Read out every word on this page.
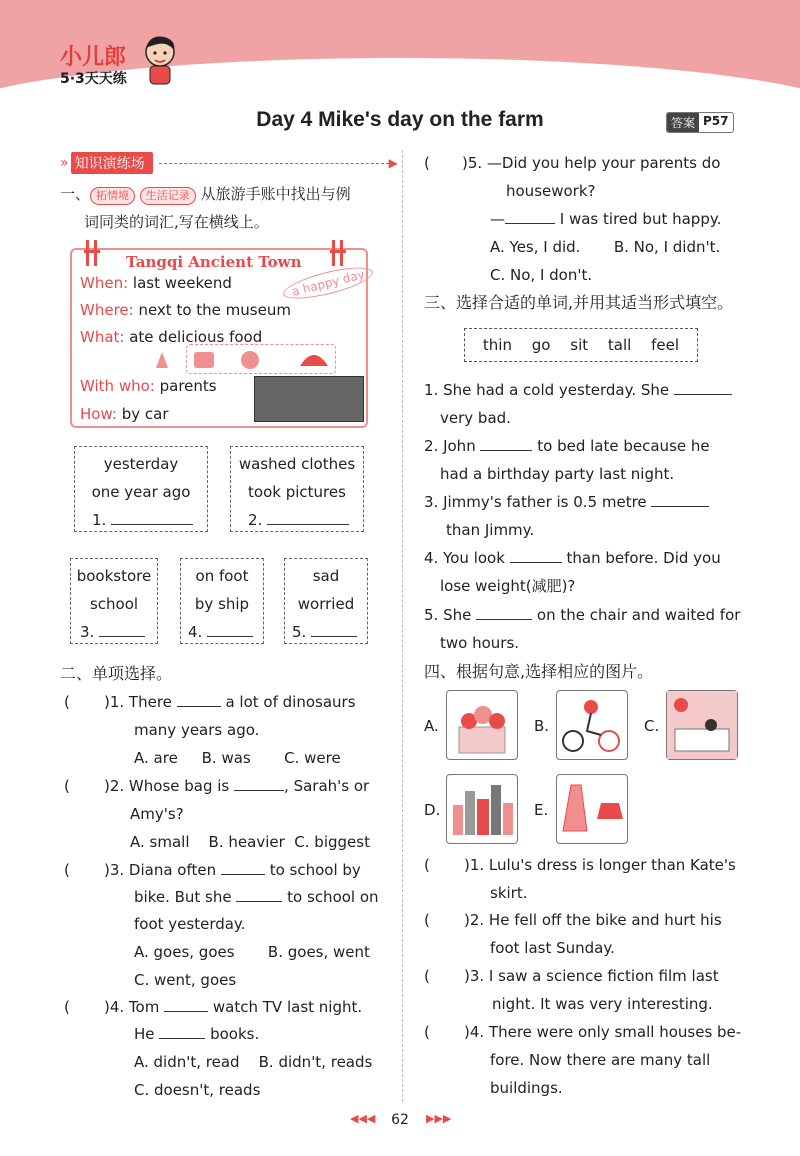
小儿郎
5·3天天练
Day 4 Mike's day on the farm	答案 P57
» 知识演练场	▶
一、 拓情境 生活记录 从旅游手账中找出与例
词同类的词汇,写在横线上。
Tangqi Ancient Town
a happy day
When: last weekend
Where: next to the museum
What: ate delicious food
With who: parents
How: by car
yesterday
one year ago
1.
washed clothes
took pictures
2.
bookstore
school
3.
on foot
by ship
4.
sad
worried
5.
二、单项选择。
( )1. There	a lot of dinosaurs
many years ago.
A. are     B. was       C. were
( )2. Whose bag is	, Sarah's or
Amy's?
A. small    B. heavier  C. biggest
( )3. Diana often	to school by
bike. But she	to school on
foot yesterday.
A. goes, goes       B. goes, went
C. went, goes
( )4. Tom	watch TV last night.
He	books.
A. didn't, read    B. didn't, reads
C. doesn't, reads
( )5. —Did you help your parents do
housework?
—	I was tired but happy.
A. Yes, I did.       B. No, I didn't.
C. No, I don't.
三、选择合适的单词,并用其适当形式填空。
thin go sit tall feel
1. She had a cold yesterday. She
very bad.
2. John	to bed late because he
had a birthday party last night.
3. Jimmy's father is 0.5 metre
than Jimmy.
4. You look	than before. Did you
lose weight(减肥)?
5. She	on the chair and waited for
two hours.
四、根据句意,选择相应的图片。
A.	B.	C.
D.	E.
( )1. Lulu's dress is longer than Kate's
skirt.
( )2. He fell off the bike and hurt his
foot last Sunday.
( )3. I saw a science fiction film last
night. It was very interesting.
( )4. There were only small houses be-
fore. Now there are many tall
buildings.
◀◀◀	62	▶▶▶
